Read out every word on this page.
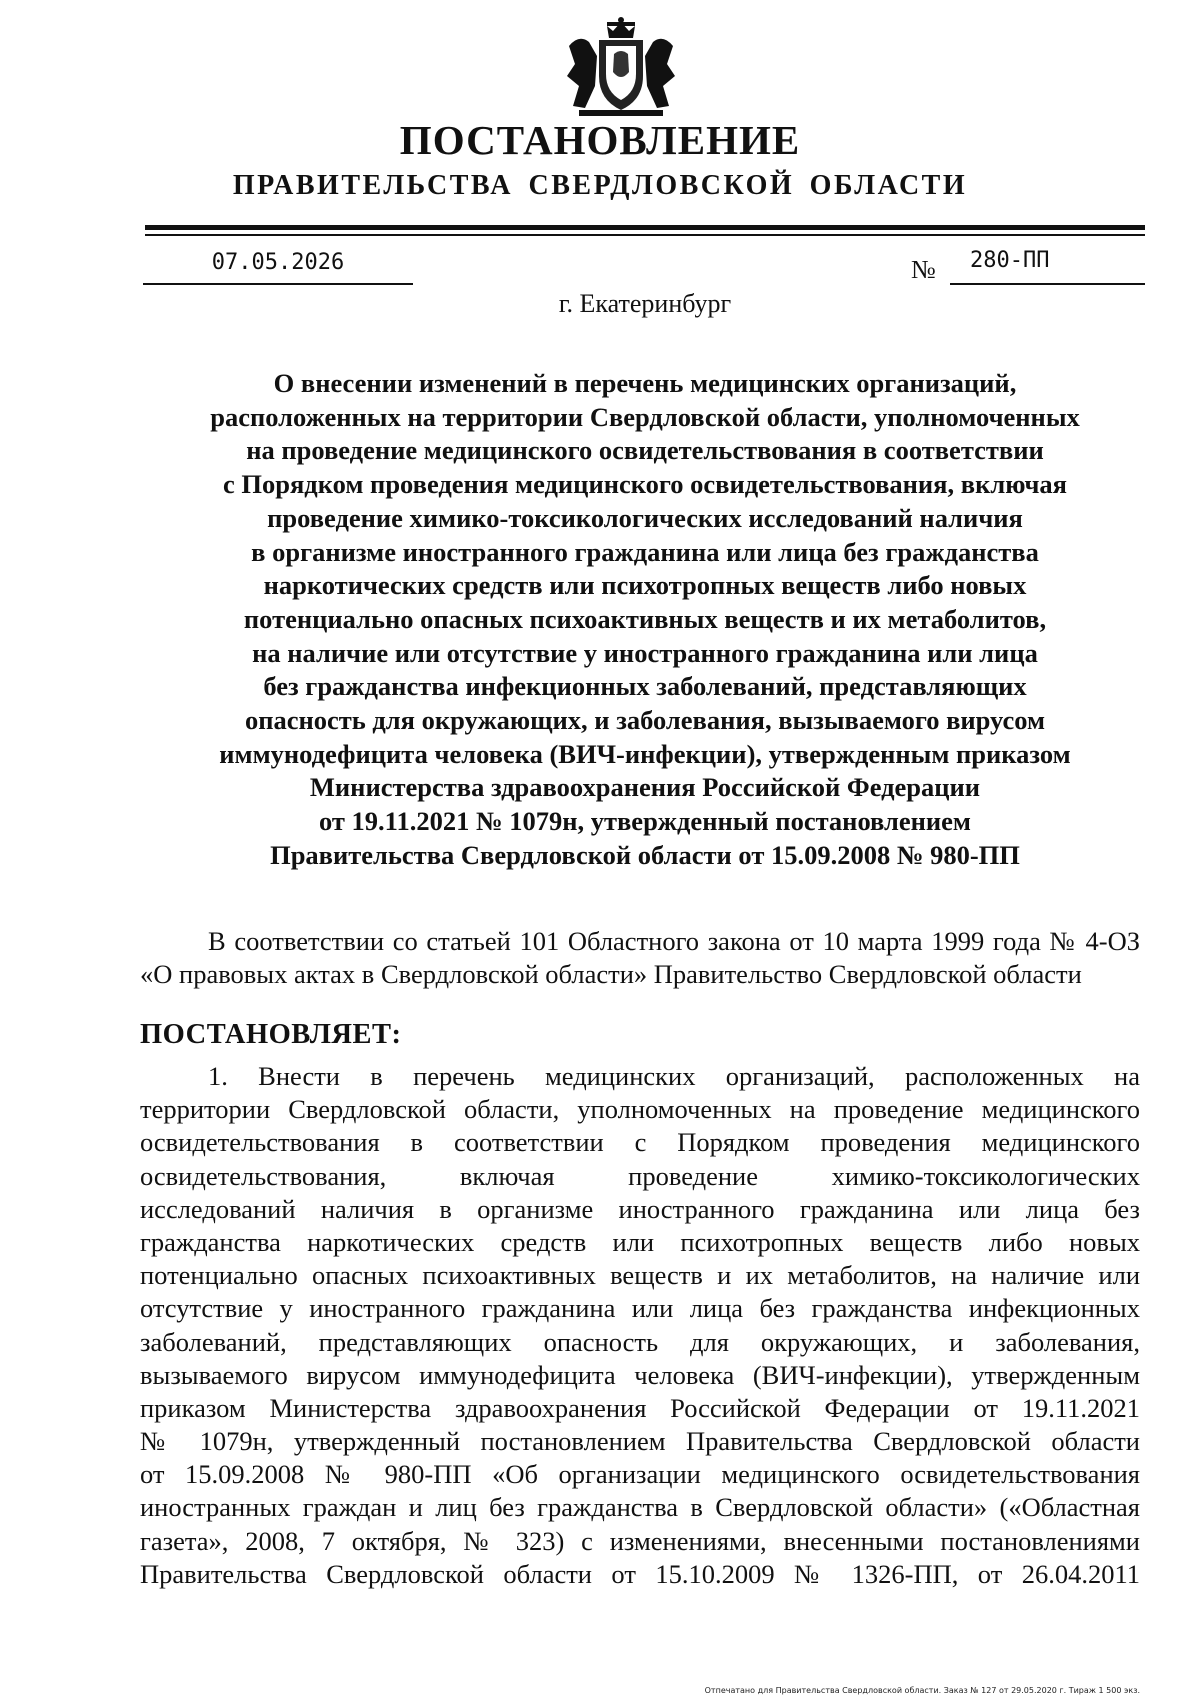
ПОСТАНОВЛЕНИЕ
ПРАВИТЕЛЬСТВА СВЕРДЛОВСКОЙ ОБЛАСТИ
07.05.2026	№	280-ПП
г. Екатеринбург
О внесении изменений в перечень медицинских организаций,
расположенных на территории Свердловской области, уполномоченных
на проведение медицинского освидетельствования в соответствии
с Порядком проведения медицинского освидетельствования, включая
проведение химико-токсикологических исследований наличия
в организме иностранного гражданина или лица без гражданства
наркотических средств или психотропных веществ либо новых
потенциально опасных психоактивных веществ и их метаболитов,
на наличие или отсутствие у иностранного гражданина или лица
без гражданства инфекционных заболеваний, представляющих
опасность для окружающих, и заболевания, вызываемого вирусом
иммунодефицита человека (ВИЧ-инфекции), утвержденным приказом
Министерства здравоохранения Российской Федерации
от 19.11.2021 № 1079н, утвержденный постановлением
Правительства Свердловской области от 15.09.2008 № 980-ПП

В соответствии со статьей 101 Областного закона от 10 марта 1999 года № 4-ОЗ «О правовых актах в Свердловской области» Правительство Свердловской области

ПОСТАНОВЛЯЕТ:

1. Внести в перечень медицинских организаций, расположенных на
территории Свердловской области, уполномоченных на проведение медицинского
освидетельствования в соответствии с Порядком проведения медицинского
освидетельствования, включая проведение химико-токсикологических
исследований наличия в организме иностранного гражданина или лица без
гражданства наркотических средств или психотропных веществ либо новых
потенциально опасных психоактивных веществ и их метаболитов, на наличие или
отсутствие у иностранного гражданина или лица без гражданства инфекционных
заболеваний, представляющих опасность для окружающих, и заболевания,
вызываемого вирусом иммунодефицита человека (ВИЧ-инфекции), утвержденным
приказом Министерства здравоохранения Российской Федерации от 19.11.2021
№ 1079н, утвержденный постановлением Правительства Свердловской области
от 15.09.2008 № 980-ПП «Об организации медицинского освидетельствования
иностранных граждан и лиц без гражданства в Свердловской области» («Областная
газета», 2008, 7 октября, № 323) с изменениями, внесенными постановлениями
Правительства Свердловской области от 15.10.2009 № 1326-ПП, от 26.04.2011
Отпечатано для Правительства Свердловской области. Заказ № 127 от 29.05.2020 г. Тираж 1 500 экз.
